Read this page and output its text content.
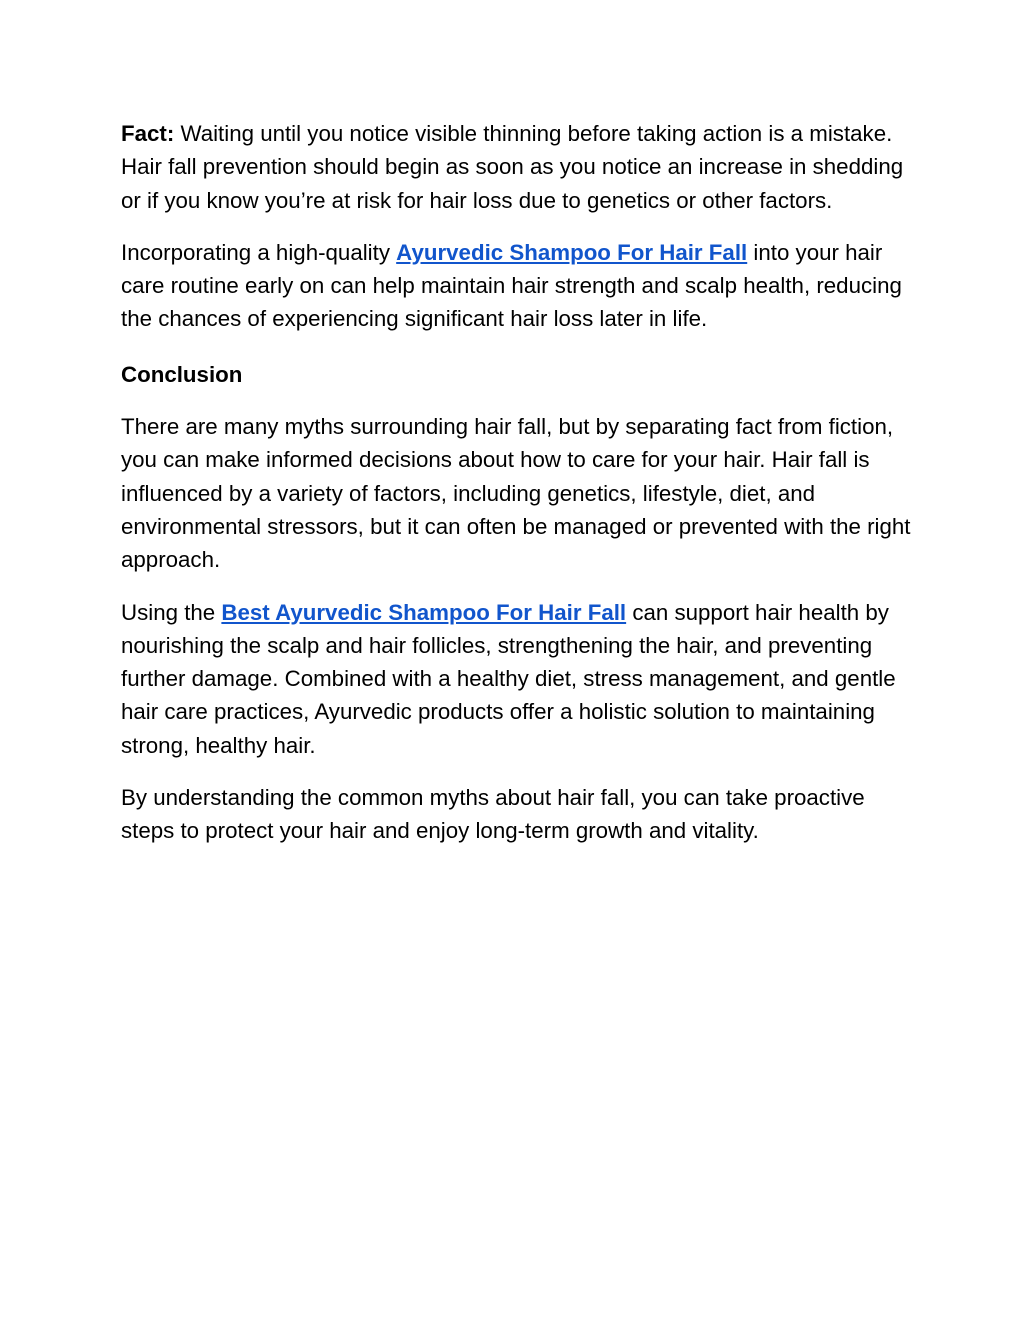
Fact: Waiting until you notice visible thinning before taking action is a mistake. Hair fall prevention should begin as soon as you notice an increase in shedding or if you know you’re at risk for hair loss due to genetics or other factors.

Incorporating a high-quality Ayurvedic Shampoo For Hair Fall into your hair care routine early on can help maintain hair strength and scalp health, reducing the chances of experiencing significant hair loss later in life.

Conclusion

There are many myths surrounding hair fall, but by separating fact from fiction, you can make informed decisions about how to care for your hair. Hair fall is influenced by a variety of factors, including genetics, lifestyle, diet, and environmental stressors, but it can often be managed or prevented with the right approach.

Using the Best Ayurvedic Shampoo For Hair Fall can support hair health by nourishing the scalp and hair follicles, strengthening the hair, and preventing further damage. Combined with a healthy diet, stress management, and gentle hair care practices, Ayurvedic products offer a holistic solution to maintaining strong, healthy hair.

By understanding the common myths about hair fall, you can take proactive steps to protect your hair and enjoy long-term growth and vitality.
